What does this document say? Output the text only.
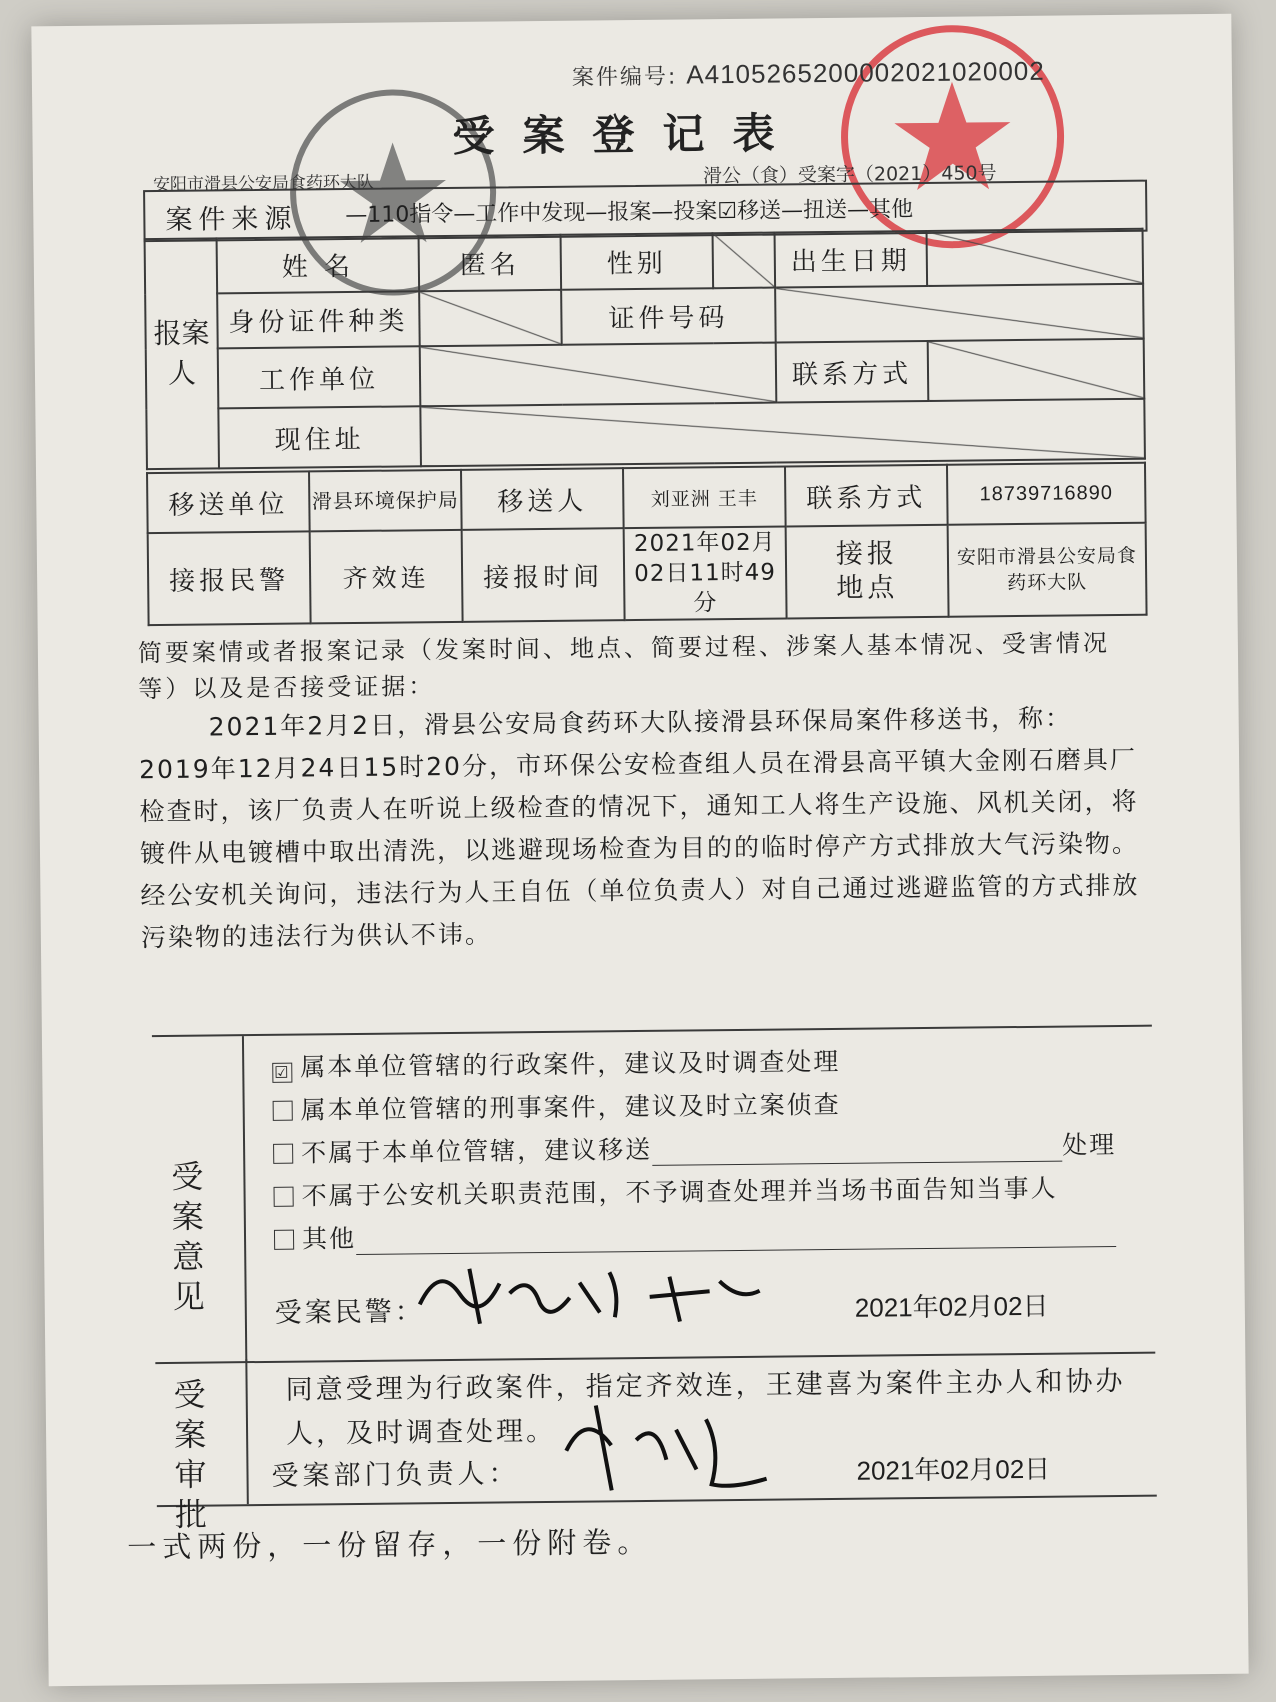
案件编号: A4105265200002021020002
受案登记表
安阳市滑县公安局食药环大队	滑公（食）受案字（2021）450号
案件来源 —110指令—工作中发现—报案—投案☑移送—扭送—其他
报案人	姓 名	匿名	性别		出生日期	
	身份证件种类		证件号码			
	工作单位				联系方式	
	现住址					
移送单位	滑县环境保护局	移送人	刘亚洲 王丰	联系方式	18739716890
接报民警	齐效连	接报时间	2021年02月02日11时49分	接报地点	安阳市滑县公安局食药环大队
简要案情或者报案记录（发案时间、地点、简要过程、涉案人基本情况、受害情况等）以及是否接受证据：
2021年2月2日，滑县公安局食药环大队接滑县环保局案件移送书，称：2019年12月24日15时20分，市环保公安检查组人员在滑县高平镇大金刚石磨具厂检查时，该厂负责人在听说上级检查的情况下，通知工人将生产设施、风机关闭，将镀件从电镀槽中取出清洗，以逃避现场检查为目的的临时停产方式排放大气污染物。经公安机关询问，违法行为人王自伍（单位负责人）对自己通过逃避监管的方式排放污染物的违法行为供认不讳。
受案意见
☑ 属本单位管辖的行政案件，建议及时调查处理
属本单位管辖的刑事案件，建议及时立案侦查
不属于本单位管辖，建议移送	处理
不属于公安机关职责范围，不予调查处理并当场书面告知当事人
其他
受案民警：	2021年02月02日
受案审批
同意受理为行政案件，指定齐效连，王建喜为案件主办人和协办人，及时调查处理。
受案部门负责人：	2021年02月02日
一式两份，一份留存，一份附卷。
